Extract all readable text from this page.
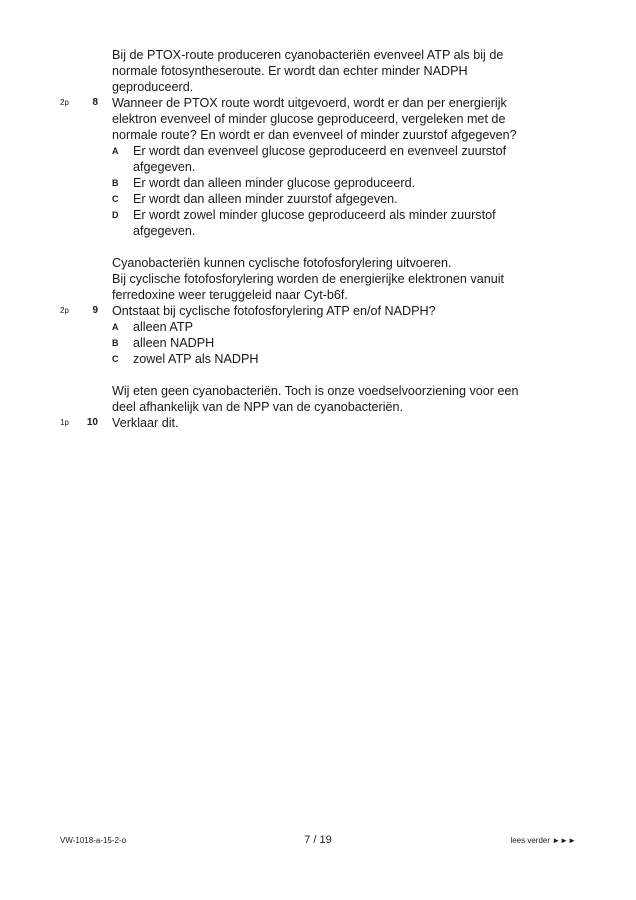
Bij de PTOX-route produceren cyanobacteriën evenveel ATP als bij de
normale fotosyntheseroute. Er wordt dan echter minder NADPH
geproduceerd.
2p	8 Wanneer de PTOX route wordt uitgevoerd, wordt er dan per energierijk
elektron evenveel of minder glucose geproduceerd, vergeleken met de
normale route? En wordt er dan evenveel of minder zuurstof afgegeven?
A Er wordt dan evenveel glucose geproduceerd en evenveel zuurstof
afgegeven.
B Er wordt dan alleen minder glucose geproduceerd.
C Er wordt dan alleen minder zuurstof afgegeven.
D Er wordt zowel minder glucose geproduceerd als minder zuurstof
afgegeven.
Cyanobacteriën kunnen cyclische fotofosforylering uitvoeren.
Bij cyclische fotofosforylering worden de energierijke elektronen vanuit
ferredoxine weer teruggeleid naar Cyt-b6f.
2p	9 Ontstaat bij cyclische fotofosforylering ATP en/of NADPH?
A alleen ATP
B alleen NADPH
C zowel ATP als NADPH
Wij eten geen cyanobacteriën. Toch is onze voedselvoorziening voor een
deel afhankelijk van de NPP van de cyanobacteriën.
1p	10 Verklaar dit.
VW-1018-a-15-2-o	7 / 19	lees verder ►►►
